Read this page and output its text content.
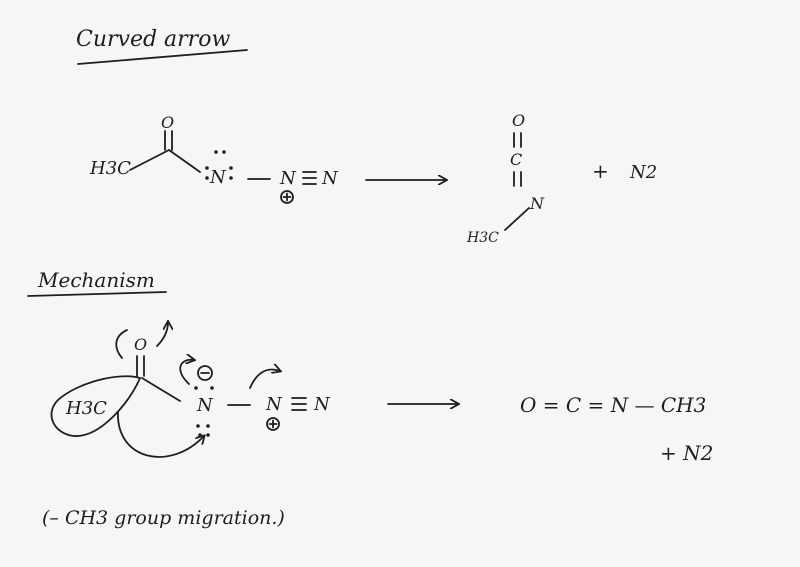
Curved arrow
H3C
O
N	N N
O
C
N
H3C
+ N2
Mechanism
O
H3C	N	N N	O = C = N — CH3
+ N2
(– CH3 group migration.)
